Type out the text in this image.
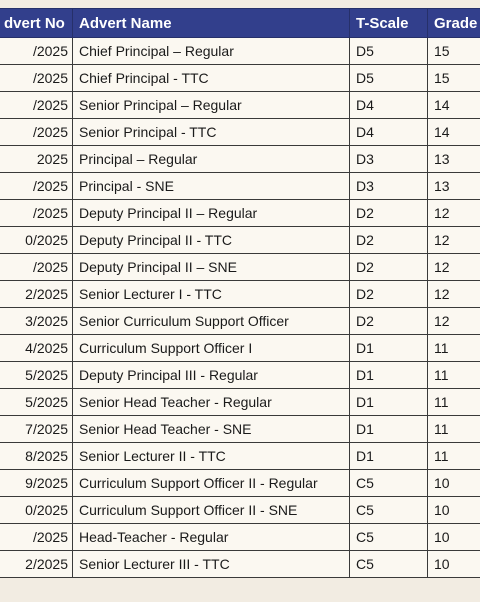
dvert No	Advert Name	T-Scale	Grade
/2025	Chief Principal – Regular	D5	15
/2025	Chief Principal - TTC	D5	15
/2025	Senior Principal – Regular	D4	14
/2025	Senior Principal - TTC	D4	14
2025	Principal – Regular	D3	13
/2025	Principal - SNE	D3	13
/2025	Deputy Principal II – Regular	D2	12
0/2025	Deputy Principal II - TTC	D2	12
/2025	Deputy Principal II – SNE	D2	12
2/2025	Senior Lecturer I - TTC	D2	12
3/2025	Senior Curriculum Support Officer	D2	12
4/2025	Curriculum Support Officer I	D1	11
5/2025	Deputy Principal III - Regular	D1	11
5/2025	Senior Head Teacher - Regular	D1	11
7/2025	Senior Head Teacher - SNE	D1	11
8/2025	Senior Lecturer II - TTC	D1	11
9/2025	Curriculum Support Officer II - Regular	C5	10
0/2025	Curriculum Support Officer II - SNE	C5	10
/2025	Head-Teacher - Regular	C5	10
2/2025	Senior Lecturer III - TTC	C5	10
